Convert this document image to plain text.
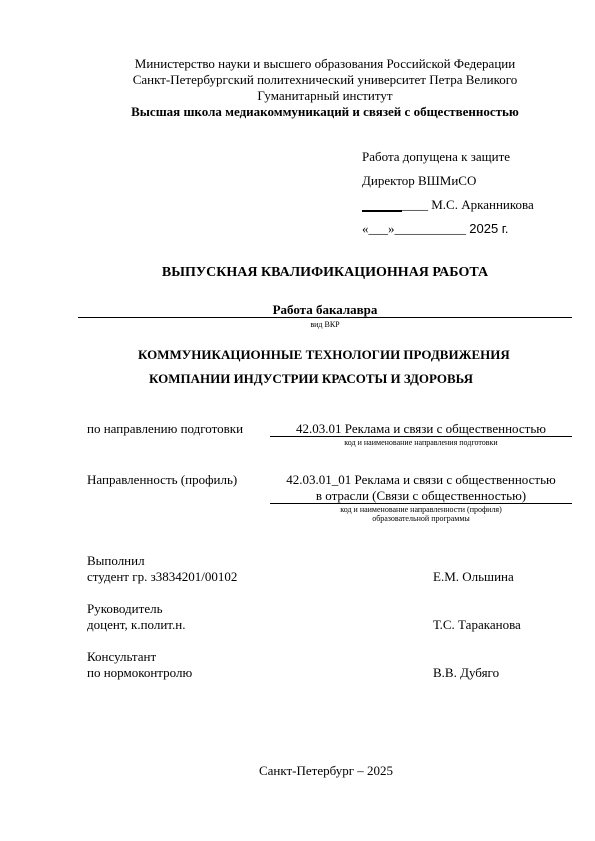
Министерство науки и высшего образования Российской Федерации
Санкт-Петербургский политехнический университет Петра Великого
Гуманитарный институт
Высшая школа медиакоммуникаций и связей с общественностью
Работа допущена к защите
Директор ВШМиСО
____ М.С. Арканникова
«___»___________ 2025 г.
ВЫПУСКНАЯ КВАЛИФИКАЦИОННАЯ РАБОТА
Работа бакалавра
вид ВКР
КОММУНИКАЦИОННЫЕ ТЕХНОЛОГИИ ПРОДВИЖЕНИЯ
КОМПАНИИ ИНДУСТРИИ КРАСОТЫ И ЗДОРОВЬЯ
по направлению подготовки	42.03.01 Реклама и связи с общественностью
код и наименование направления подготовки
Направленность (профиль)	42.03.01_01 Реклама и связи с общественностью
в отрасли (Связи с общественностью)
код и наименование направленности (профиля)
образовательной программы
Выполнил
студент гр. з3834201/00102	Е.М. Ольшина
Руководитель
доцент, к.полит.н.	Т.С. Тараканова
Консультант
по нормоконтролю	В.В. Дубяго
Санкт-Петербург – 2025
